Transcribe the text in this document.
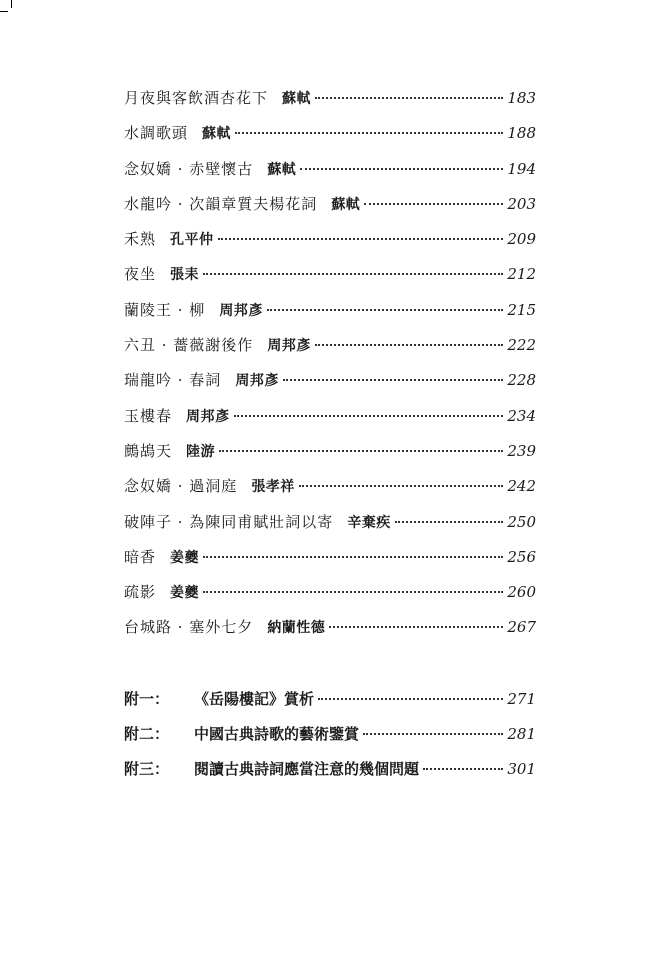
月夜與客飲酒杏花下 蘇軾	183
水調歌頭 蘇軾	188
念奴嬌 · 赤壁懷古 蘇軾	194
水龍吟 · 次韻章質夫楊花詞 蘇軾	203
禾熟 孔平仲	209
夜坐 張耒	212
蘭陵王 · 柳 周邦彥	215
六丑 · 薔薇謝後作 周邦彥	222
瑞龍吟 · 春詞 周邦彥	228
玉樓春 周邦彥	234
鷓鴣天 陸游	239
念奴嬌 · 過洞庭 張孝祥	242
破陣子 · 為陳同甫賦壯詞以寄 辛棄疾	250
暗香 姜夔	256
疏影 姜夔	260
台城路 · 塞外七夕 納蘭性德	267
附一：	《岳陽樓記》賞析	271
附二：	中國古典詩歌的藝術鑒賞	281
附三：	閱讀古典詩詞應當注意的幾個問題	301
